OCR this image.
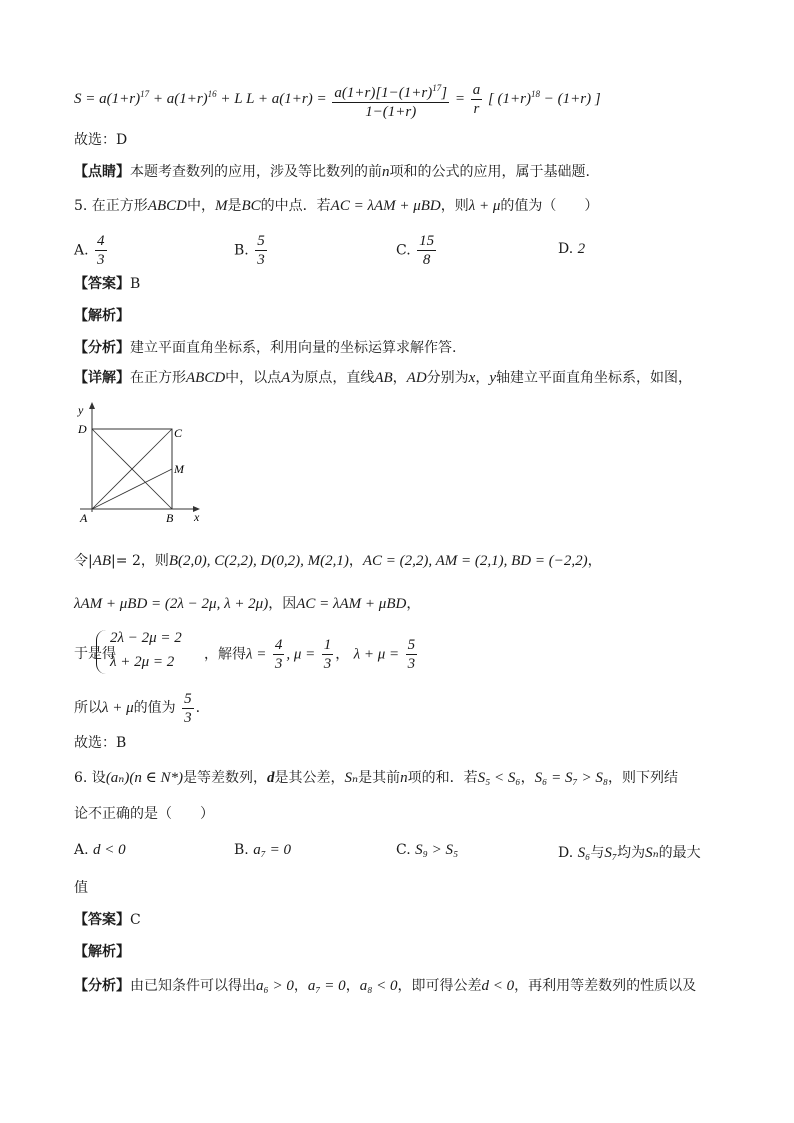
$S = a(1+r)^{17} + a(1+r)^{16} + L$ $L + a(1+r) = \frac{a(1+r)[1-(1+r)^{17}]}{1-(1+r)} = \frac{a}{r}$ [ $(1+r)^{18} - (1+r)$ ]
故选：D
【点睛】本题考查数列的应用，涉及等比数列的前n项和的公式的应用，属于基础题.
5. 在正方形ABCD中，M是BC的中点．若AC = λAM + μBD，则λ + μ的值为（　　）
A. $\frac{4}{3}$	B. $\frac{5}{3}$	C. $\frac{15}{8}$	D. 2
【答案】B
【解析】
【分析】建立平面直角坐标系，利用向量的坐标运算求解作答.
【详解】在正方形ABCD中，以点A为原点，直线AB，AD分别为x，y轴建立平面直角坐标系，如图，
y
D	C
M
A	B x
令|AB|= 2，则B(2,0), C(2,2), D(0,2), M(2,1)，AC = (2,2), AM = (2,1), BD = (−2,2)，
λAM + μBD = (2λ − 2μ, λ + 2μ)，因AC = λAM + μBD，
于是得
2λ − 2μ = 2
λ + 2μ = 2 ，解得$\lambda = \frac{4}{3}$ , $\mu = \frac{1}{3}$ ， $\lambda + \mu = \frac{5}{3}$
所以λ + μ的值为 $\frac{5}{3}$ .
故选：B
6. 设(aₙ)(n ∈ N*)是等差数列，d是其公差，Sₙ是其前n项的和．若S₅ < S₆，S₆ = S₇ > S₈，则下列结
论不正确的是（　　）
A. d < 0	B. a₇ = 0	C. S₉ > S₅	D. S₆与S₇均为Sₙ的最大
值
【答案】C
【解析】
【分析】由已知条件可以得出a₆ > 0，a₇ = 0，a₈ < 0，即可得公差d < 0，再利用等差数列的性质以及
